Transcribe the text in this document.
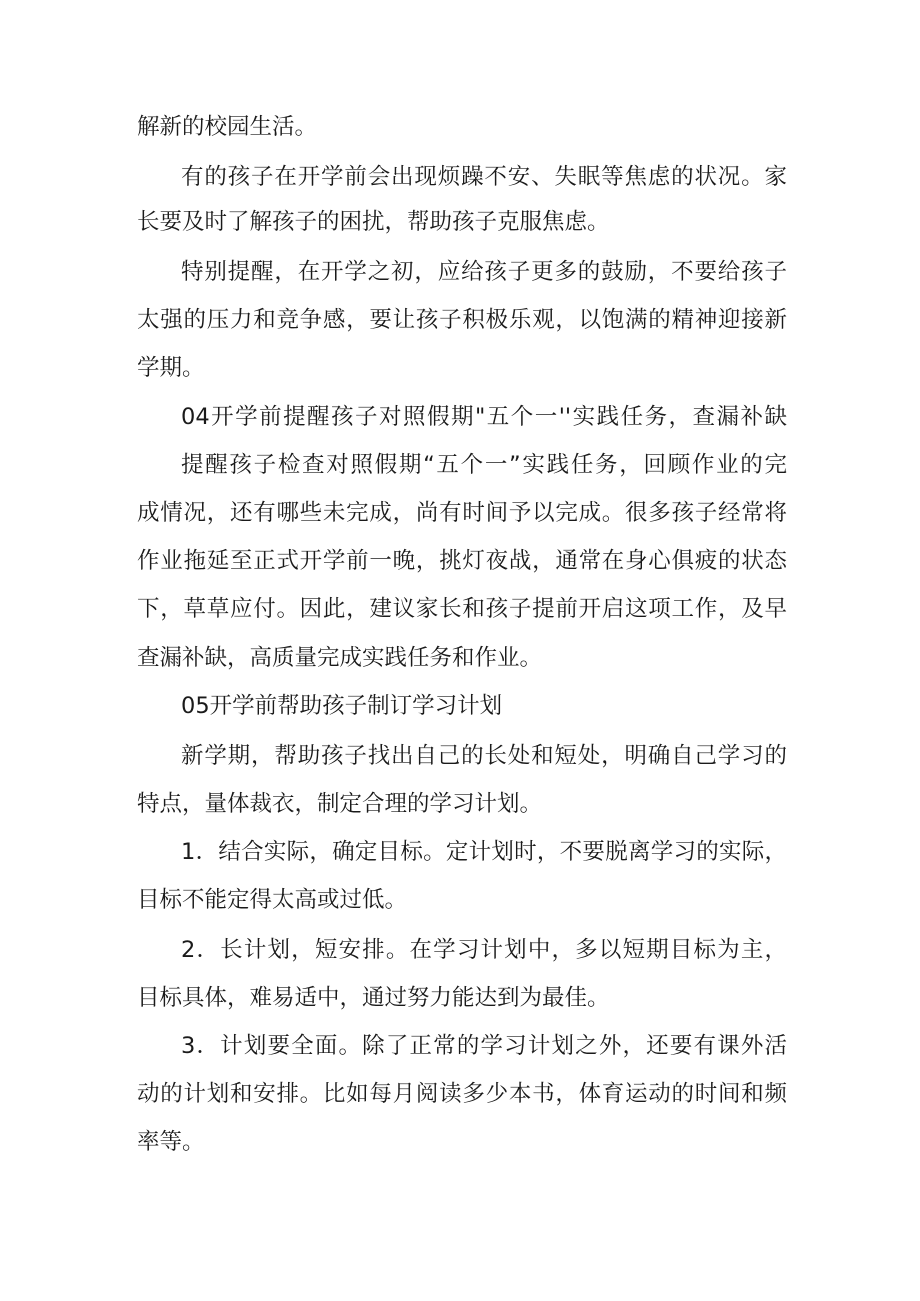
解新的校园生活。
有的孩子在开学前会出现烦躁不安、失眠等焦虑的状况。家
长要及时了解孩子的困扰，帮助孩子克服焦虑。
特别提醒，在开学之初，应给孩子更多的鼓励，不要给孩子
太强的压力和竞争感，要让孩子积极乐观，以饱满的精神迎接新
学期。
04开学前提醒孩子对照假期"五个一''实践任务，查漏补缺
提醒孩子检查对照假期“五个一”实践任务，回顾作业的完
成情况，还有哪些未完成，尚有时间予以完成。很多孩子经常将
作业拖延至正式开学前一晚，挑灯夜战，通常在身心俱疲的状态
下，草草应付。因此，建议家长和孩子提前开启这项工作，及早
查漏补缺，高质量完成实践任务和作业。
05开学前帮助孩子制订学习计划
新学期，帮助孩子找出自己的长处和短处，明确自己学习的
特点，量体裁衣，制定合理的学习计划。
1．结合实际，确定目标。定计划时，不要脱离学习的实际，
目标不能定得太高或过低。
2．长计划，短安排。在学习计划中，多以短期目标为主，
目标具体，难易适中，通过努力能达到为最佳。
3．计划要全面。除了正常的学习计划之外，还要有课外活
动的计划和安排。比如每月阅读多少本书，体育运动的时间和频
率等。
